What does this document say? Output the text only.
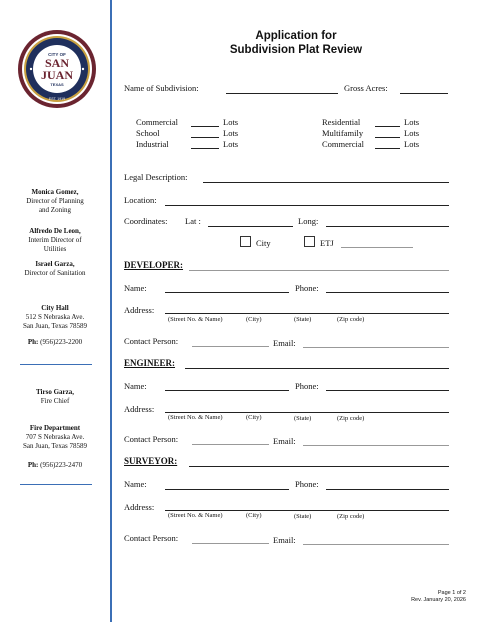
CITY OF
SAN
JUAN
TEXAS
EST. 1919
Monica Gomez,
Director of Planning
and Zoning
Alfredo De Leon,
Interim Director of
Utilities
Israel Garza,
Director of Sanitation
City Hall
512 S Nebraska Ave.
San Juan, Texas 78589
Ph: (956)223-2200
Tirso Garza,
Fire Chief
Fire Department
707 S Nebraska Ave.
San Juan, Texas 78589
Ph: (956)223-2470
Application for
Subdivision Plat Review
Name of Subdivision:	Gross Acres:
Commercial	Lots
School	Lots
Industrial	Lots
Residential	Lots
Multifamily	Lots
Commercial	Lots
Legal Description:
Location:
Coordinates: Lat :	Long:
City	ETJ
DEVELOPER:
Name:	Phone:
Address:
(Street No. & Name)	(City)	(State)	(Zip code)
Contact Person:	Email:
ENGINEER:
Name:	Phone:
Address:
(Street No. & Name)	(City)	(State)	(Zip code)
Contact Person:	Email:
SURVEYOR:
Name:	Phone:
Address:
(Street No. & Name)	(City)	(State)	(Zip code)
Contact Person:	Email:
Page 1 of 2
Rev. January 20, 2026
